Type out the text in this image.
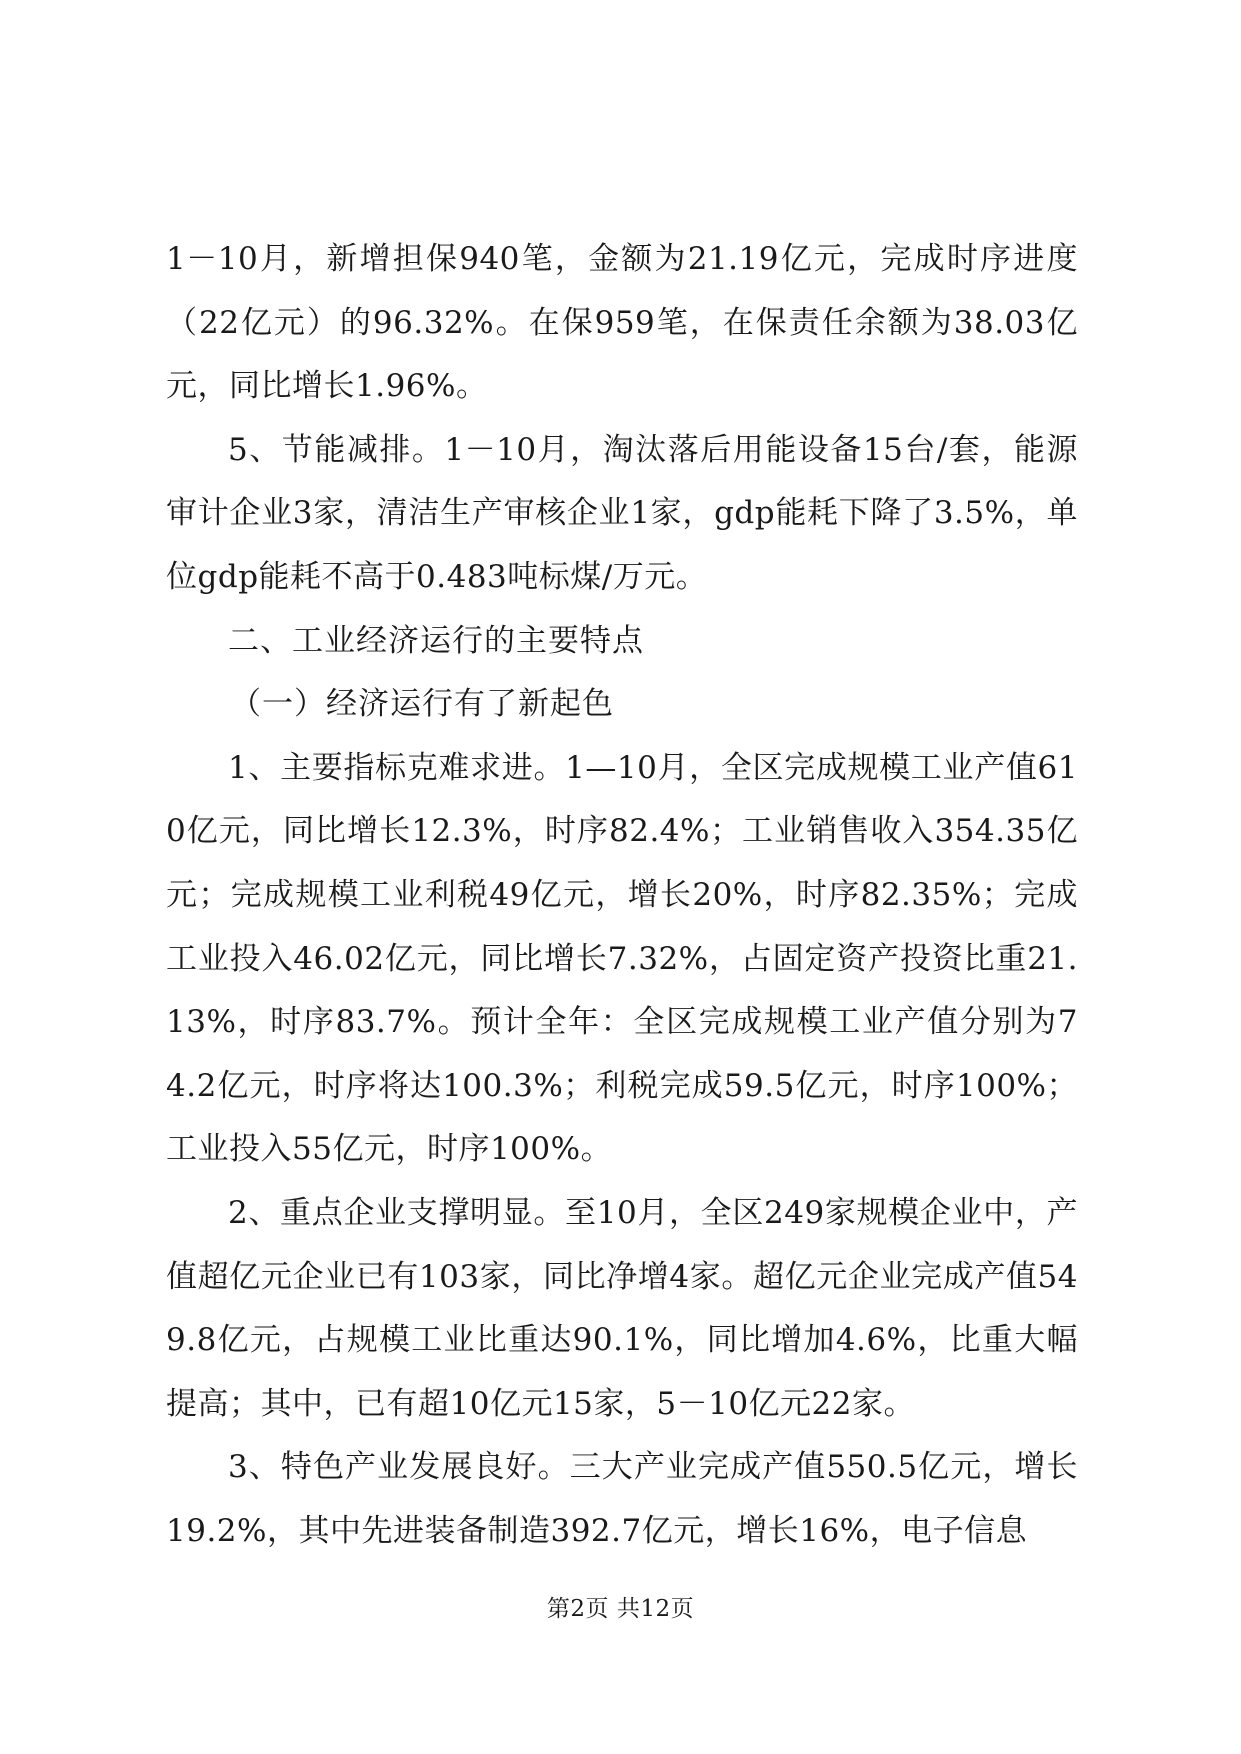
1－10月，新增担保940笔，金额为21.19亿元，完成时序进度（22亿元）的96.32%。在保959笔，在保责任余额为38.03亿元，同比增长1.96%。

5、节能减排。1－10月，淘汰落后用能设备15台/套，能源审计企业3家，清洁生产审核企业1家，gdp能耗下降了3.5%，单位gdp能耗不高于0.483吨标煤/万元。

二、工业经济运行的主要特点

（一）经济运行有了新起色

1、主要指标克难求进。1—10月，全区完成规模工业产值610亿元，同比增长12.3%，时序82.4%；工业销售收入354.35亿元；完成规模工业利税49亿元，增长20%，时序82.35%；完成工业投入46.02亿元，同比增长7.32%，占固定资产投资比重21.13%，时序83.7%。预计全年：全区完成规模工业产值分别为74.2亿元，时序将达100.3%；利税完成59.5亿元，时序100%；工业投入55亿元，时序100%。

2、重点企业支撑明显。至10月，全区249家规模企业中，产值超亿元企业已有103家，同比净增4家。超亿元企业完成产值549.8亿元，占规模工业比重达90.1%，同比增加4.6%，比重大幅提高；其中，已有超10亿元15家，5－10亿元22家。

3、特色产业发展良好。三大产业完成产值550.5亿元，增长19.2%，其中先进装备制造392.7亿元，增长16%，电子信息

第2页 共12页
